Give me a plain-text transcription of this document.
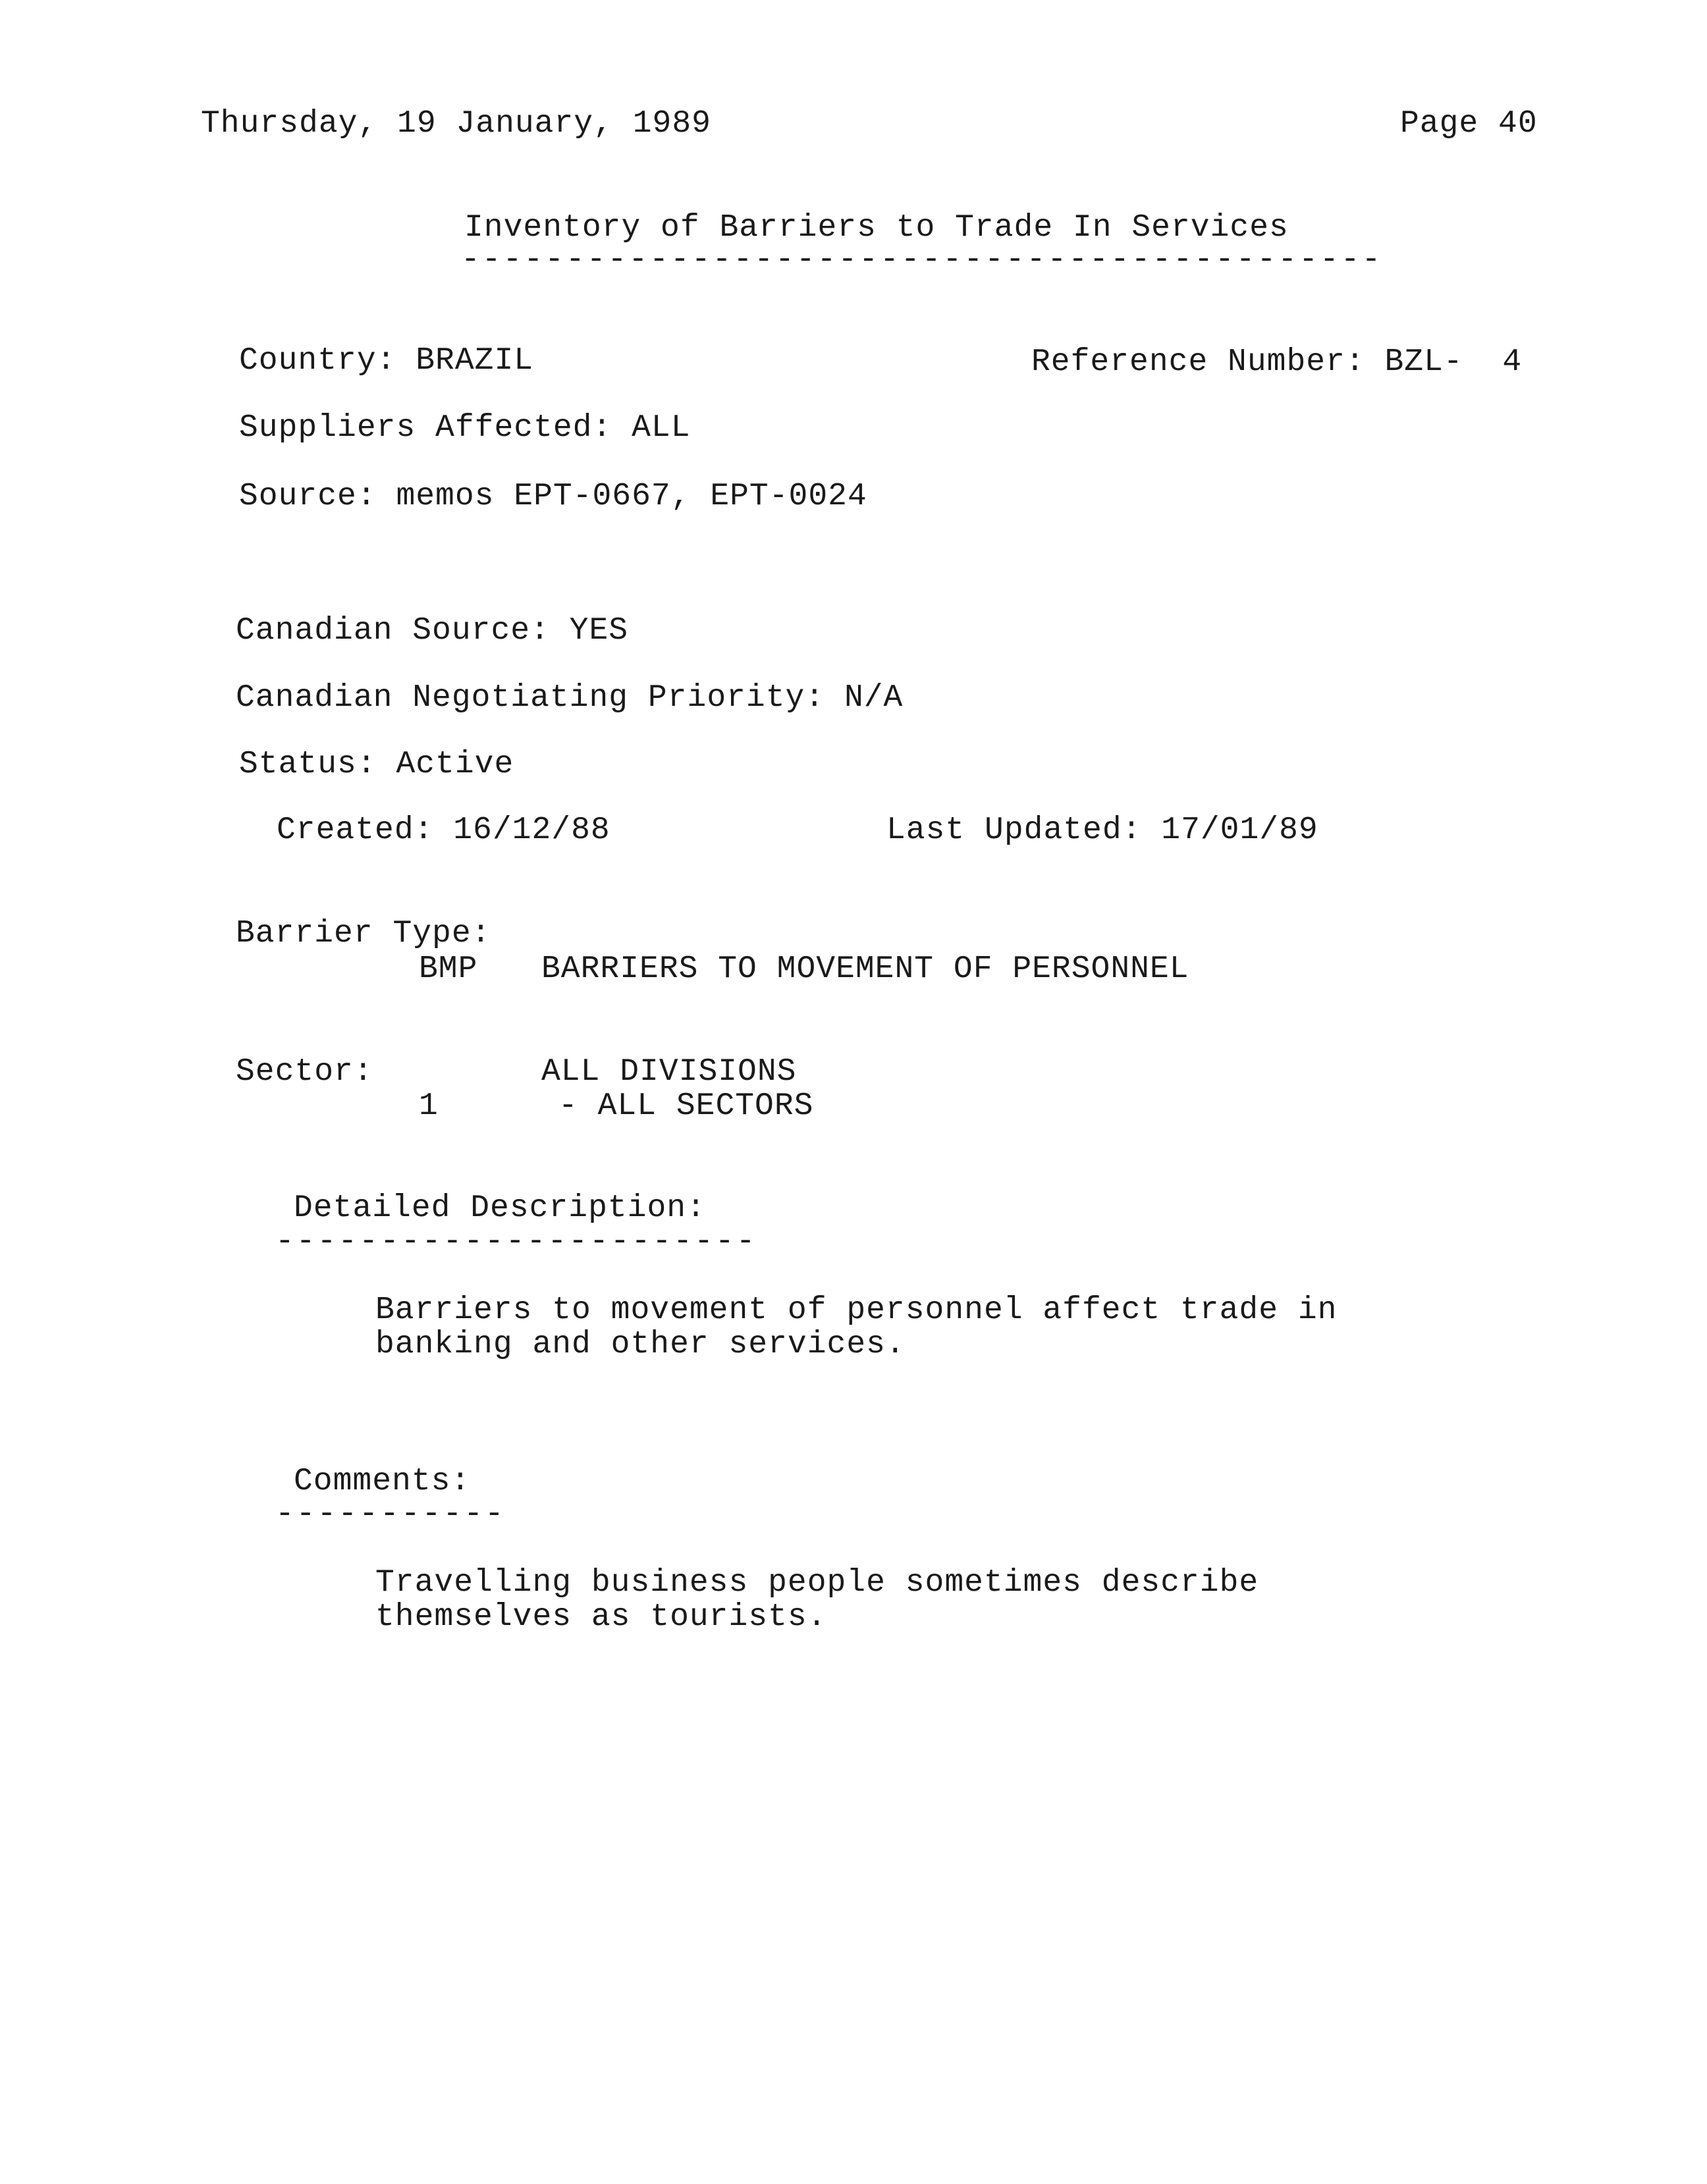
Thursday, 19 January, 1989	Page 40
Inventory of Barriers to Trade In Services
--------------------------------------------
Country: BRAZIL	Reference Number: BZL-  4
Suppliers Affected: ALL
Source: memos EPT-0667, EPT-0024
Canadian Source: YES
Canadian Negotiating Priority: N/A
Status: Active
Created: 16/12/88	Last Updated: 17/01/89
Barrier Type:
BMP BARRIERS TO MOVEMENT OF PERSONNEL
Sector:	ALL DIVISIONS
1	- ALL SECTORS
Detailed Description:
-----------------------
Barriers to movement of personnel affect trade in
banking and other services.
Comments:
-----------
Travelling business people sometimes describe
themselves as tourists.
